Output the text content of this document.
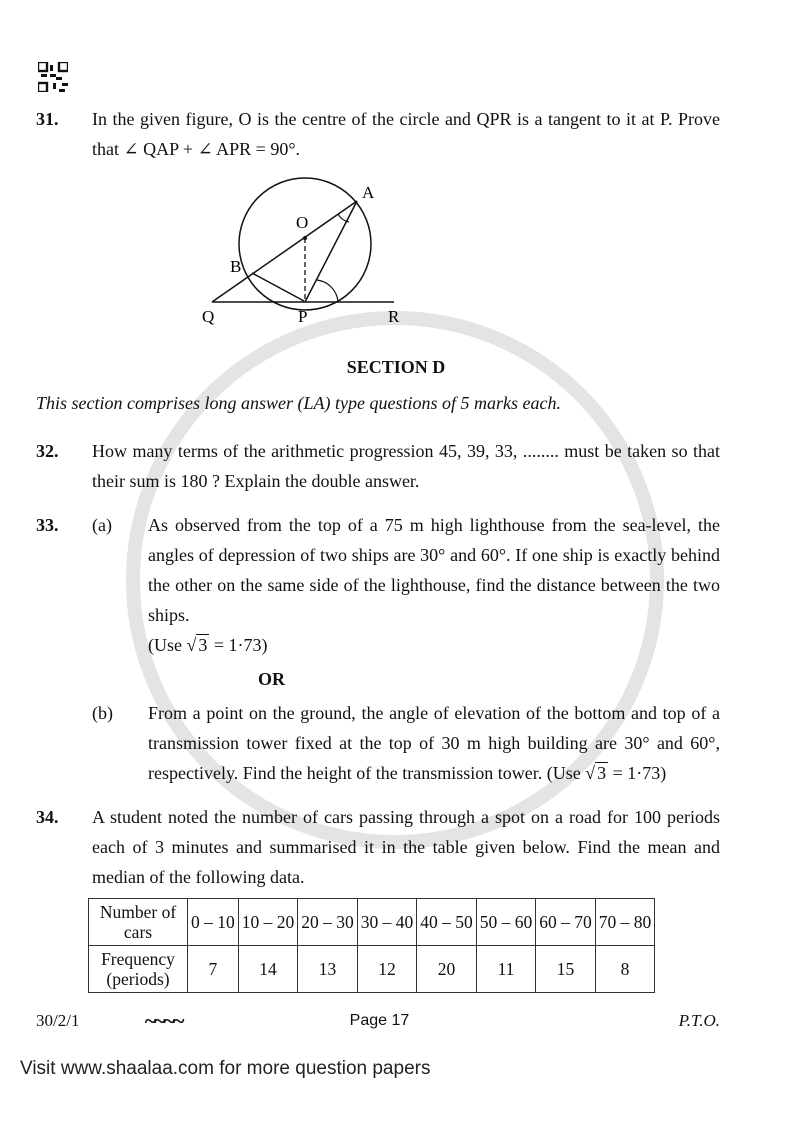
31.	In the given figure, O is the centre of the circle and QPR is a tangent to it at P. Prove that ∠ QAP + ∠ APR = 90°.
A
O
B
Q	P	R
SECTION D
This section comprises long answer (LA) type questions of 5 marks each.
32.	How many terms of the arithmetic progression 45, 39, 33, ........ must be taken so that their sum is 180 ? Explain the double answer.
33.	(a)	As observed from the top of a 75 m high lighthouse from the sea-level, the angles of depression of two ships are 30° and 60°. If one ship is exactly behind the other on the same side of the lighthouse, find the distance between the two ships.
(Use √ 3 = 1·73)
OR
(b)	From a point on the ground, the angle of elevation of the bottom and top of a transmission tower fixed at the top of 30 m high building are 30° and 60°, respectively. Find the height of the transmission tower. (Use √ 3 = 1·73)
34.	A student noted the number of cars passing through a spot on a road for 100 periods each of 3 minutes and summarised it in the table given below. Find the mean and median of the following data.
Number of cars	0 – 10	10 – 20	20 – 30	30 – 40	40 – 50	50 – 60	60 – 70	70 – 80
Frequency (periods)	7	14	13	12	20	11	15	8
30/2/1	~~~~	Page 17	P.T.O.
Visit www.shaalaa.com for more question papers
